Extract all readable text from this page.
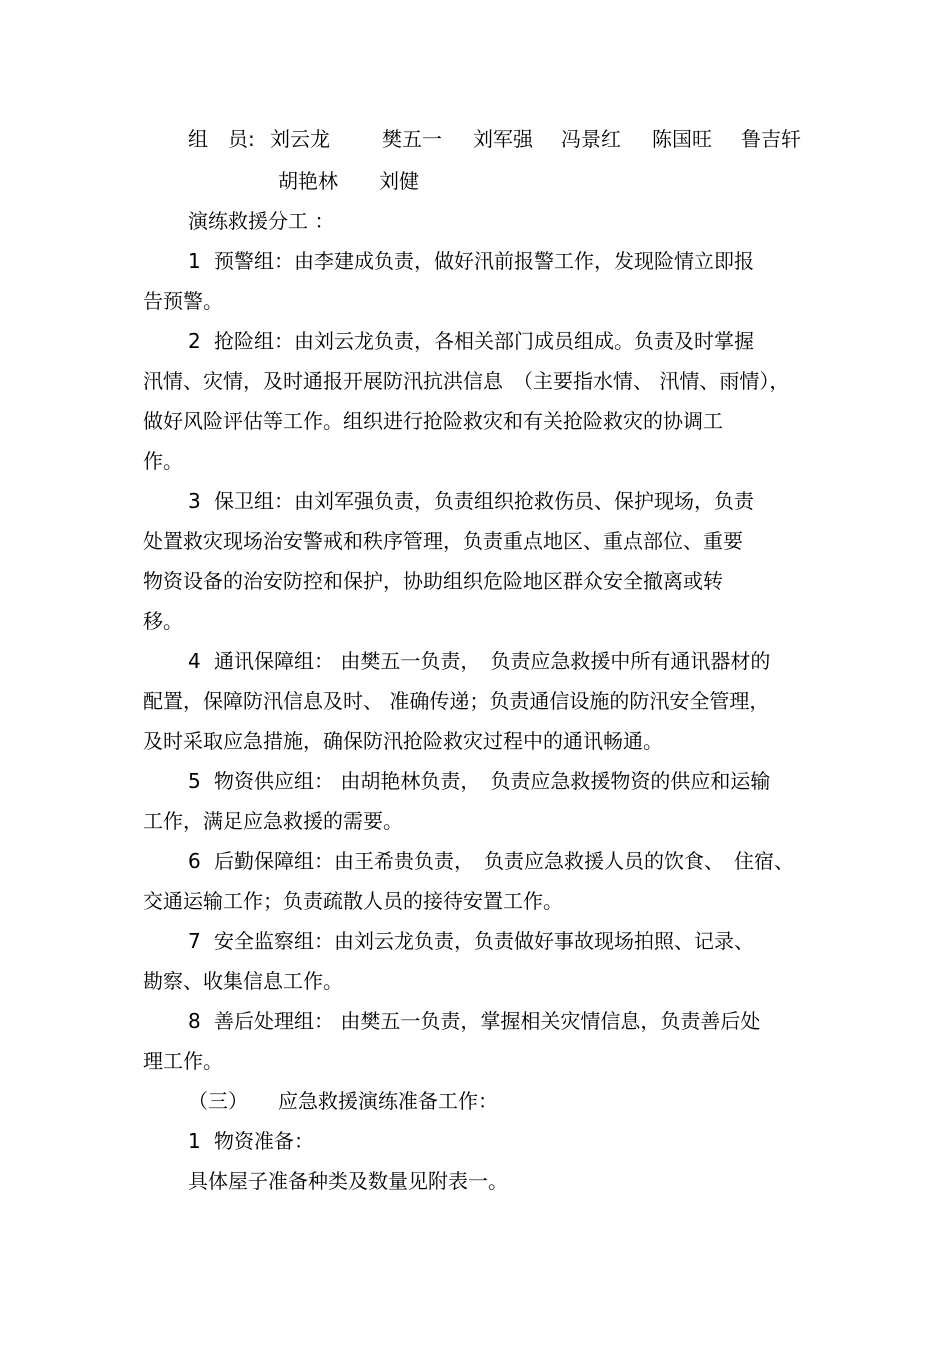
组　员: 刘云龙	樊五一 刘军强 冯景红 陈国旺 鲁吉轩
胡艳林 刘健
演练救援分工 ：
1 预警组：由李建成负责，做好汛前报警工作，发现险情立即报
告预警。
2 抢险组：由刘云龙负责，各相关部门成员组成。负责及时掌握
汛情、灾情，及时通报开展防汛抗洪信息　（主要指水情、 汛情、雨情），
做好风险评估等工作。组织进行抢险救灾和有关抢险救灾的协调工
作。
3 保卫组：由刘军强负责，负责组织抢救伤员、保护现场，负责
处置救灾现场治安警戒和秩序管理，负责重点地区、重点部位、重要
物资设备的治安防控和保护，协助组织危险地区群众安全撤离或转
移。
4 通讯保障组： 由樊五一负责，　负责应急救援中所有通讯器材的
配置，保障防汛信息及时、 准确传递；负责通信设施的防汛安全管理，
及时采取应急措施，确保防汛抢险救灾过程中的通讯畅通。
5 物资供应组： 由胡艳林负责，　负责应急救援物资的供应和运输
工作，满足应急救援的需要。
6 后勤保障组：由王希贵负责，　负责应急救援人员的饮食、　住宿、
交通运输工作；负责疏散人员的接待安置工作。
7 安全监察组：由刘云龙负责，负责做好事故现场拍照、记录、
勘察、收集信息工作。
8 善后处理组： 由樊五一负责，掌握相关灾情信息，负责善后处
理工作。
（三） 应急救援演练准备工作：
1 物资准备：
具体屋子准备种类及数量见附表一。
